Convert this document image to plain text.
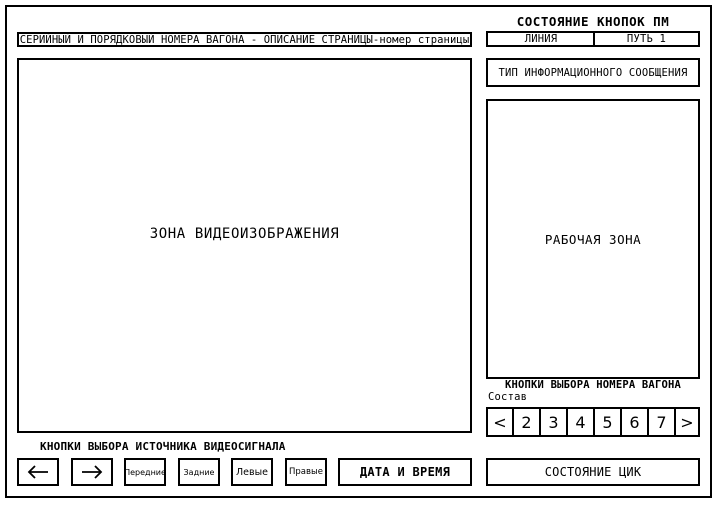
СЕРИЙНЫЙ И ПОРЯДКОВЫЙ НОМЕРА ВАГОНА - ОПИСАНИЕ СТРАНИЦЫ-номер страницы
СОСТОЯНИЕ КНОПОК ПМ
ЛИНИЯ	ПУТЬ 1
ЗОНА ВИДЕОИЗОБРАЖЕНИЯ
ТИП ИНФОРМАЦИОННОГО СООБЩЕНИЯ
РАБОЧАЯ ЗОНА
КНОПКИ ВЫБОРА НОМЕРА ВАГОНА
Состав
< 2 3 4 5 6 7 >
КНОПКИ ВЫБОРА ИСТОЧНИКА ВИДЕОСИГНАЛА
Передние Задние Левые Правые	ДАТА И ВРЕМЯ	СОСТОЯНИЕ ЦИК
